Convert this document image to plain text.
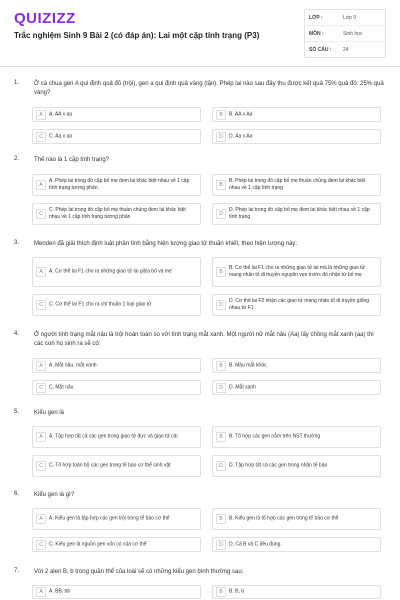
QUIZIZZ
Trắc nghiệm Sinh 9 Bài 2 (có đáp án): Lai một cặp tính trạng (P3)
LỚP :	Lớp 9
MÔN :	Sinh học
SỐ CÂU :	24
1. Ở cà chua gen A qui định quả đỏ (trội), gen a qui định quả vàng (lặn). Phép lai nào sau đây thu được kết quả 75% quả đỏ: 25% quả vàng?
A	A. AA x aa	B	B. AA x Aa
C	C. Aa x aa	D	D. Aa x Aa
2. Thế nào là 1 cặp tính trạng?
A
A. Phép lai trong đó cặp bố mẹ đem lai khác biệt nhau về 1 cặp tính trạng tương phản	B
B. Phép lai trong đó cặp bố mẹ thuần chủng đem lai khác biệt nhau về 1 cặp tính trạng
C
C. Phép lai trong đó cặp bố mẹ thuần chủng đem lai khác biệt nhau về 1 cặp tính trạng tương phản	D
D. Phép lai trong đó cặp bố mẹ đem lai khác biệt nhau về 1 cặp tính trạng
3. Menden đã giải thích định luật phân tính bằng hiện tượng giao tử thuần khiết, theo hiện tượng này:
A	A. Cơ thể lai F1 cho ra những giao tử lai giữa bố và mẹ	B
B. Cơ thể lai F1 cho ra những giao tử lai mà là những giao tử mang nhân tố di truyền nguyên vẹn trước đó nhận từ bố mẹ
C	C. Cơ thể lai F1 cho ra chỉ thuần 1 loại giao tử	D
D. Cơ thể lai F2 nhận các giao tử mang nhân tố di truyền giống nhau từ F1
4. Ở người tính trạng mắt nâu là trội hoàn toàn so với tính trạng mắt xanh. Một người nữ mắt nâu (Aa) lấy chồng mắt xanh (aa) thì các con họ sinh ra sẽ có:
A	A. Mắt nâu, mắt xanh	B	B. Mầu mắt khác.
C	C. Mắt nâu	D	D. Mắt xanh
5. Kiểu gen là
A	A. Tập hợp tất cả các gen trong giao tử đực và giao tử cái	B	B. Tổ hợp các gen nằm trên NST thường
C	C. Tổ hợp toàn bộ các gen trong tế bào cơ thể sinh vật	D	D. Tập hợp tất cả các gen trong nhân tế bào
6. Kiểu gen là gì?
A	A. Kiểu gen là tập hợp các gen trội trong tế bào cơ thể	B	B. Kiểu gen là tổ hợp các gen trong tế bào cơ thể
C	C. Kiểu gen là nguồn gen vốn có của cơ thể	D	D. Cả B và C đều đúng.
7. Với 2 alen B, b trong quần thể của loài sẽ có những kiểu gen bình thường sau:
A	A. BB, bb	B	B. B, b
